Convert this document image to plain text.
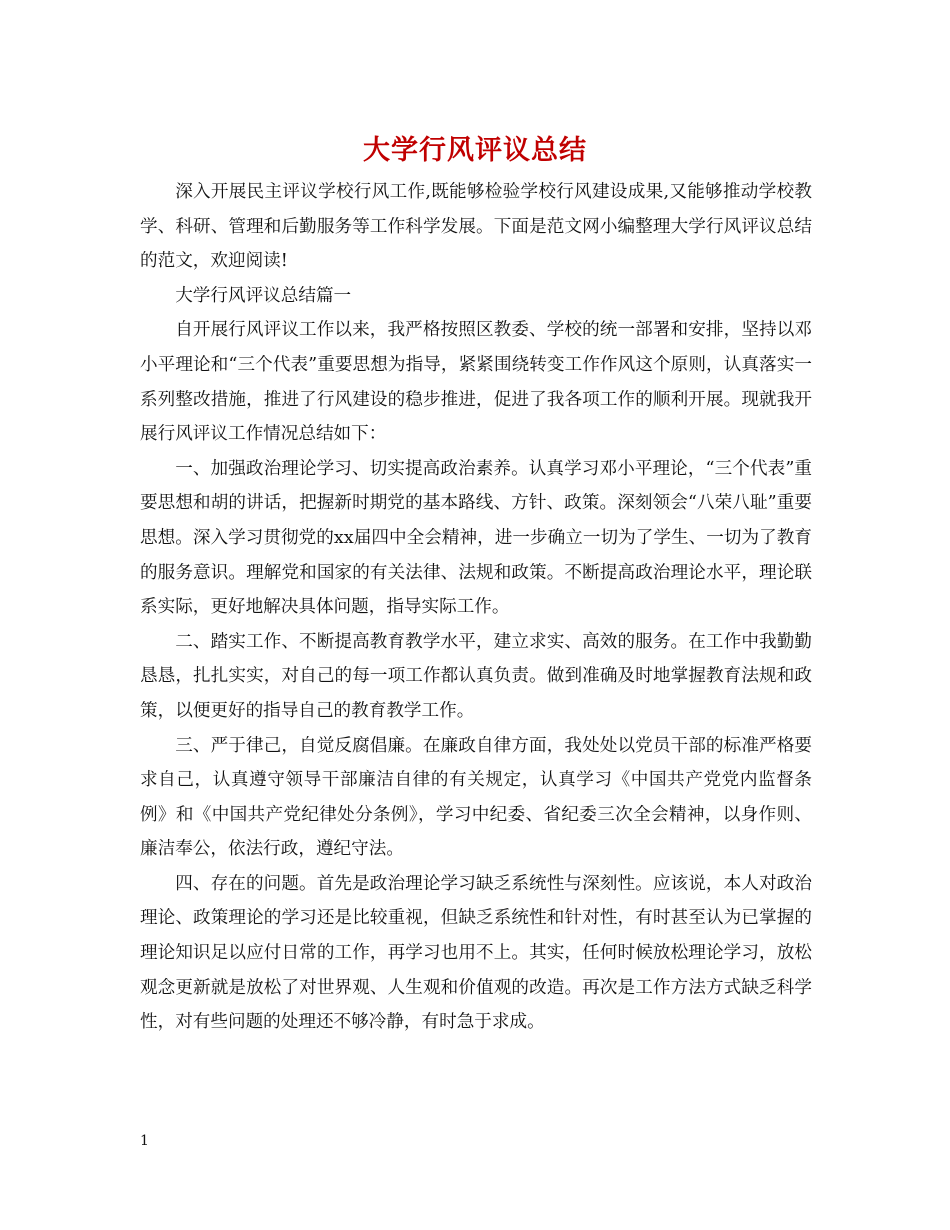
大学行风评议总结

深入开展民主评议学校行风工作,既能够检验学校行风建设成果,又能够推动学校教学、科研、管理和后勤服务等工作科学发展。下面是范文网小编整理大学行风评议总结的范文，欢迎阅读!

大学行风评议总结篇一

自开展行风评议工作以来，我严格按照区教委、学校的统一部署和安排，坚持以邓小平理论和“三个代表”重要思想为指导，紧紧围绕转变工作作风这个原则，认真落实一系列整改措施，推进了行风建设的稳步推进，促进了我各项工作的顺利开展。现就我开展行风评议工作情况总结如下：

一、加强政治理论学习、切实提高政治素养。认真学习邓小平理论，“三个代表”重要思想和胡的讲话，把握新时期党的基本路线、方针、政策。深刻领会“八荣八耻”重要思想。深入学习贯彻党的xx届四中全会精神，进一步确立一切为了学生、一切为了教育的服务意识。理解党和国家的有关法律、法规和政策。不断提高政治理论水平，理论联系实际，更好地解决具体问题，指导实际工作。

二、踏实工作、不断提高教育教学水平，建立求实、高效的服务。在工作中我勤勤恳恳，扎扎实实，对自己的每一项工作都认真负责。做到准确及时地掌握教育法规和政策，以便更好的指导自己的教育教学工作。

三、严于律己，自觉反腐倡廉。在廉政自律方面，我处处以党员干部的标准严格要求自己，认真遵守领导干部廉洁自律的有关规定，认真学习《中国共产党党内监督条例》和《中国共产党纪律处分条例》，学习中纪委、省纪委三次全会精神，以身作则、廉洁奉公，依法行政，遵纪守法。

四、存在的问题。首先是政治理论学习缺乏系统性与深刻性。应该说，本人对政治理论、政策理论的学习还是比较重视，但缺乏系统性和针对性，有时甚至认为已掌握的理论知识足以应付日常的工作，再学习也用不上。其实，任何时候放松理论学习，放松观念更新就是放松了对世界观、人生观和价值观的改造。再次是工作方法方式缺乏科学性，对有些问题的处理还不够冷静，有时急于求成。

1
